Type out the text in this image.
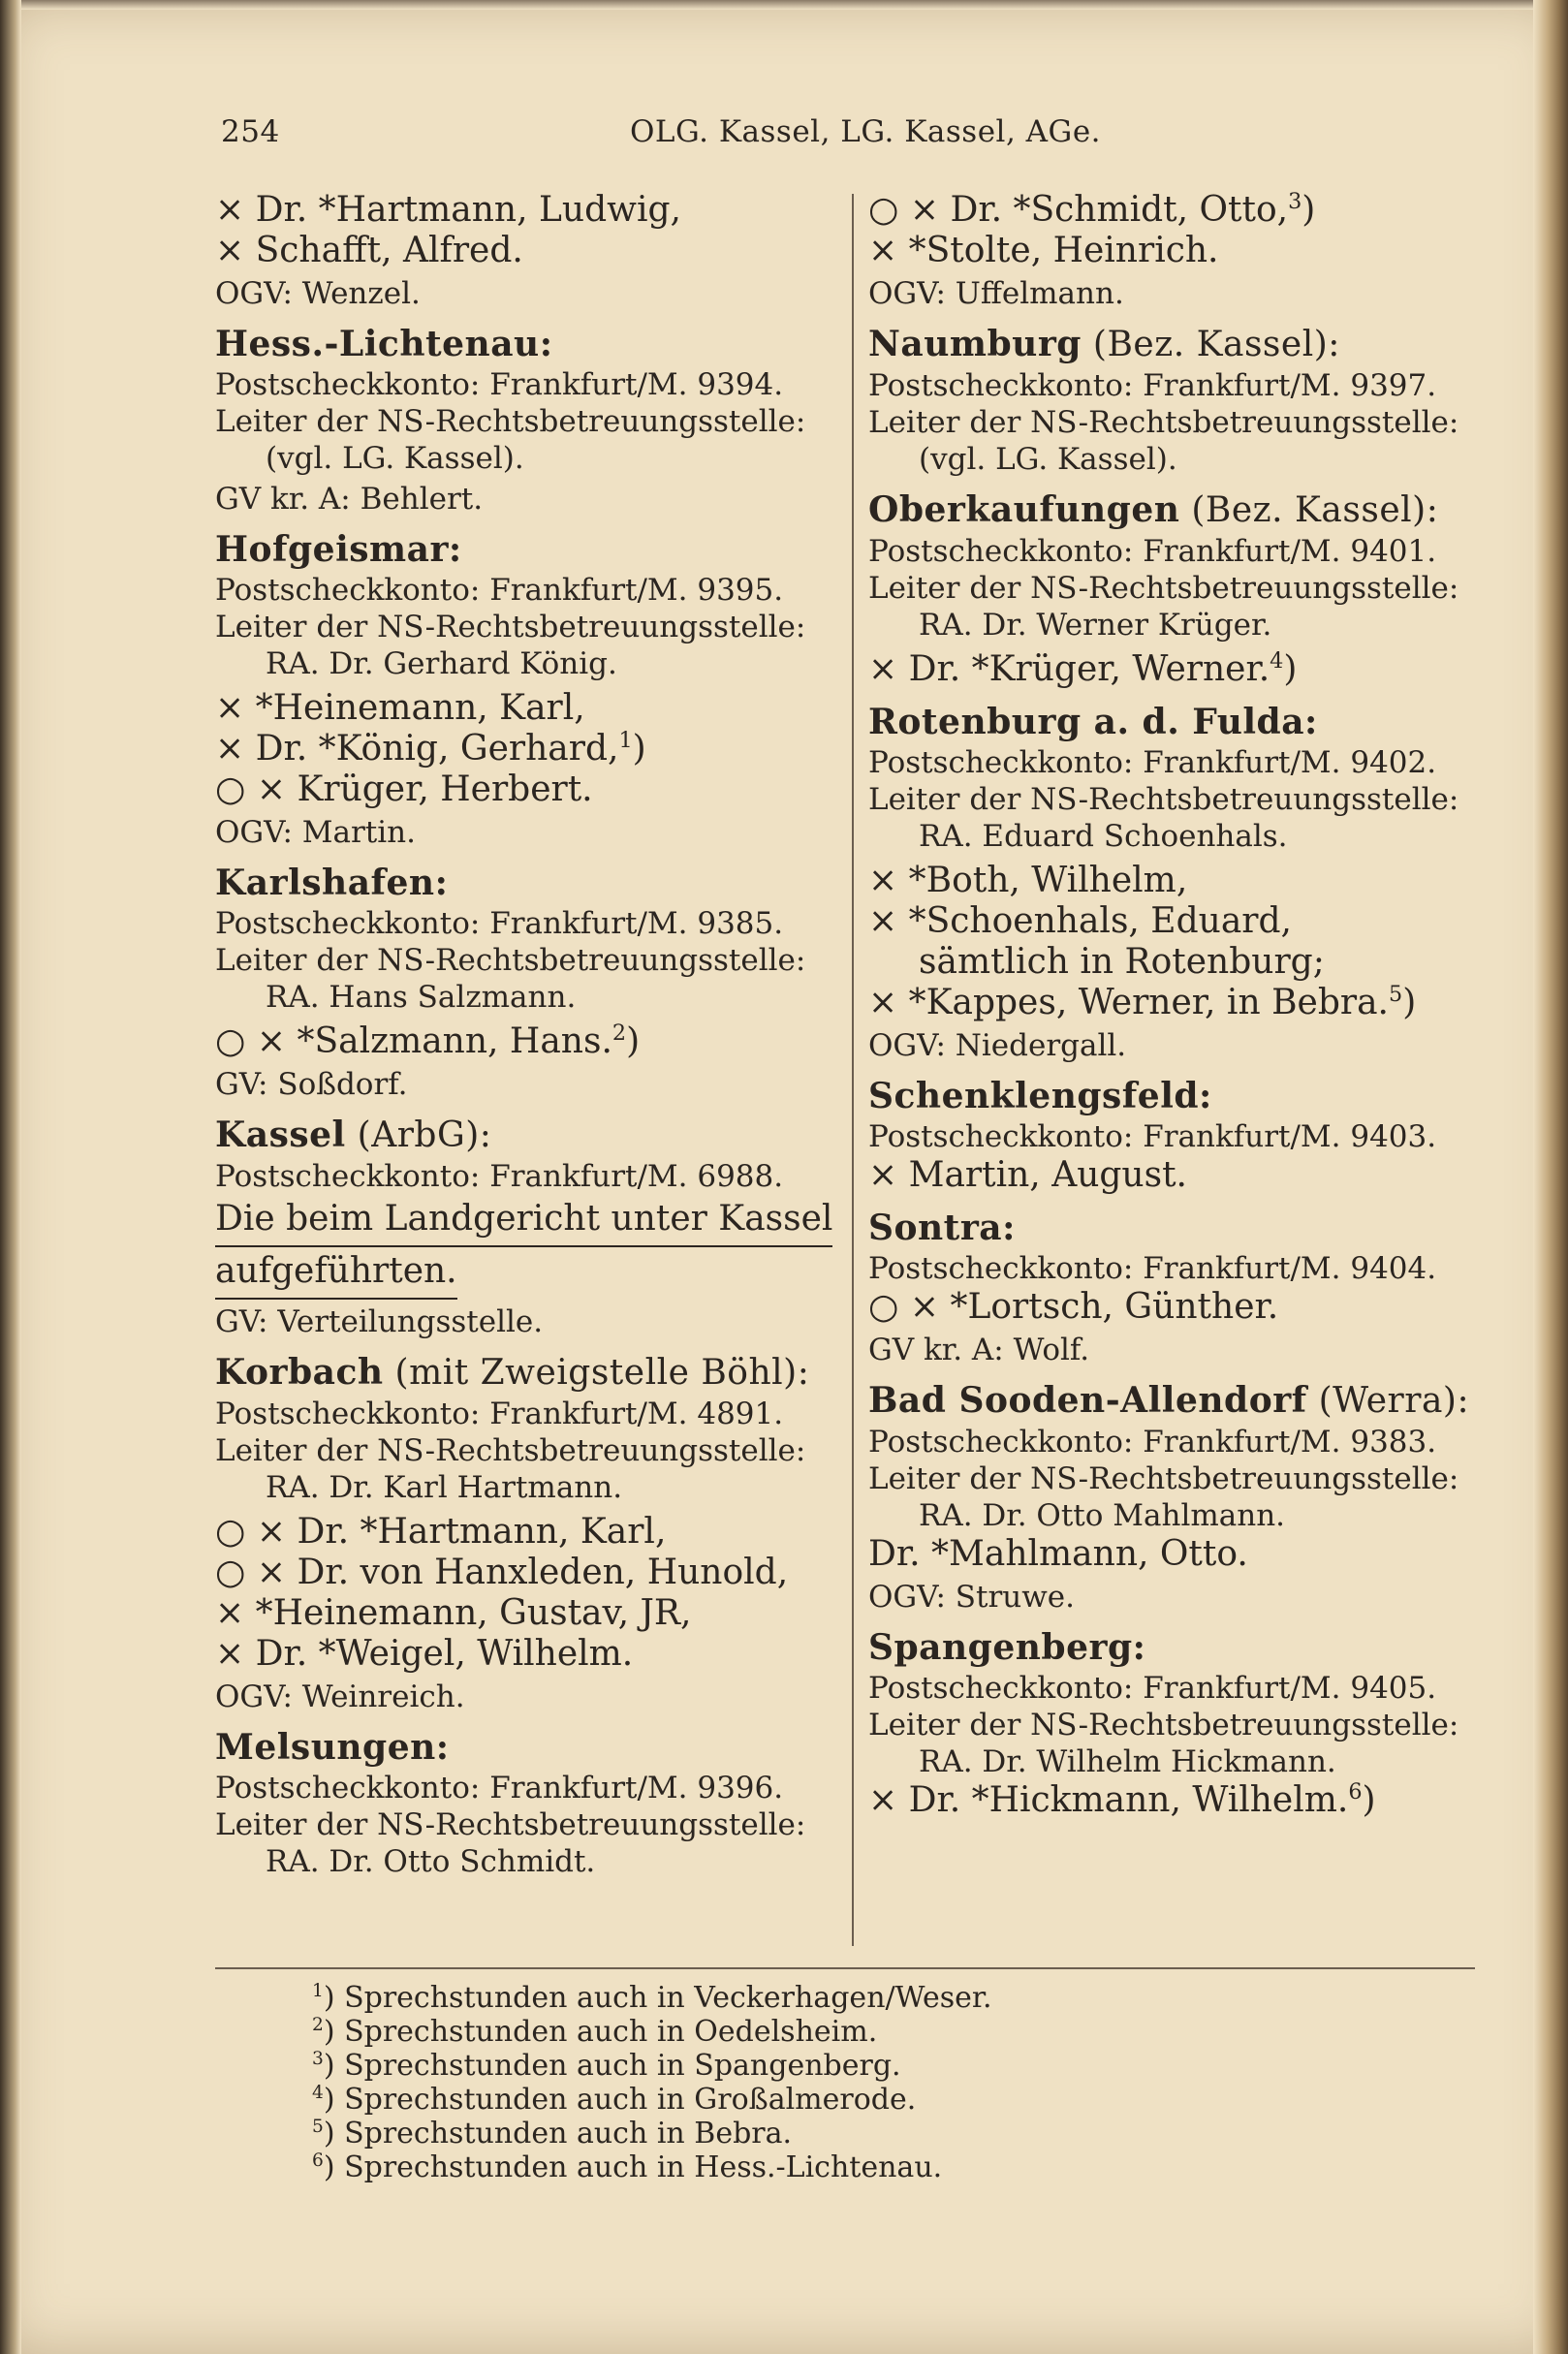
254	OLG. Kassel, LG. Kassel, AGe.
× Dr. *Hartmann, Ludwig,
× Schafft, Alfred.
OGV: Wenzel.
Hess.-Lichtenau:
Postscheckkonto: Frankfurt/M. 9394.
Leiter der NS-Rechtsbetreuungsstelle:
(vgl. LG. Kassel).
GV kr. A: Behlert.
Hofgeismar:
Postscheckkonto: Frankfurt/M. 9395.
Leiter der NS-Rechtsbetreuungsstelle:
RA. Dr. Gerhard König.
× *Heinemann, Karl,
× Dr. *König, Gerhard,$^1$)
○ × Krüger, Herbert.
OGV: Martin.
Karlshafen:
Postscheckkonto: Frankfurt/M. 9385.
Leiter der NS-Rechtsbetreuungsstelle:
RA. Hans Salzmann.
○ × *Salzmann, Hans.$^2$)
GV: Soßdorf.
Kassel (ArbG):
Postscheckkonto: Frankfurt/M. 6988.
Die beim Landgericht unter Kassel
aufgeführten.
GV: Verteilungsstelle.
Korbach (mit Zweigstelle Böhl):
Postscheckkonto: Frankfurt/M. 4891.
Leiter der NS-Rechtsbetreuungsstelle:
RA. Dr. Karl Hartmann.
○ × Dr. *Hartmann, Karl,
○ × Dr. von Hanxleden, Hunold,
× *Heinemann, Gustav, JR,
× Dr. *Weigel, Wilhelm.
OGV: Weinreich.
Melsungen:
Postscheckkonto: Frankfurt/M. 9396.
Leiter der NS-Rechtsbetreuungsstelle:
RA. Dr. Otto Schmidt.
○ × Dr. *Schmidt, Otto,$^3$)
× *Stolte, Heinrich.
OGV: Uffelmann.
Naumburg (Bez. Kassel):
Postscheckkonto: Frankfurt/M. 9397.
Leiter der NS-Rechtsbetreuungsstelle:
(vgl. LG. Kassel).
Oberkaufungen (Bez. Kassel):
Postscheckkonto: Frankfurt/M. 9401.
Leiter der NS-Rechtsbetreuungsstelle:
RA. Dr. Werner Krüger.
× Dr. *Krüger, Werner.$^4$)
Rotenburg a. d. Fulda:
Postscheckkonto: Frankfurt/M. 9402.
Leiter der NS-Rechtsbetreuungsstelle:
RA. Eduard Schoenhals.
× *Both, Wilhelm,
× *Schoenhals, Eduard,
sämtlich in Rotenburg;
× *Kappes, Werner, in Bebra.$^5$)
OGV: Niedergall.
Schenklengsfeld:
Postscheckkonto: Frankfurt/M. 9403.
× Martin, August.
Sontra:
Postscheckkonto: Frankfurt/M. 9404.
○ × *Lortsch, Günther.
GV kr. A: Wolf.
Bad Sooden-Allendorf (Werra):
Postscheckkonto: Frankfurt/M. 9383.
Leiter der NS-Rechtsbetreuungsstelle:
RA. Dr. Otto Mahlmann.
Dr. *Mahlmann, Otto.
OGV: Struwe.
Spangenberg:
Postscheckkonto: Frankfurt/M. 9405.
Leiter der NS-Rechtsbetreuungsstelle:
RA. Dr. Wilhelm Hickmann.
× Dr. *Hickmann, Wilhelm.$^6$)
$^1$) Sprechstunden auch in Veckerhagen/Weser.
$^2$) Sprechstunden auch in Oedelsheim.
$^3$) Sprechstunden auch in Spangenberg.
$^4$) Sprechstunden auch in Großalmerode.
$^5$) Sprechstunden auch in Bebra.
$^6$) Sprechstunden auch in Hess.-Lichtenau.
